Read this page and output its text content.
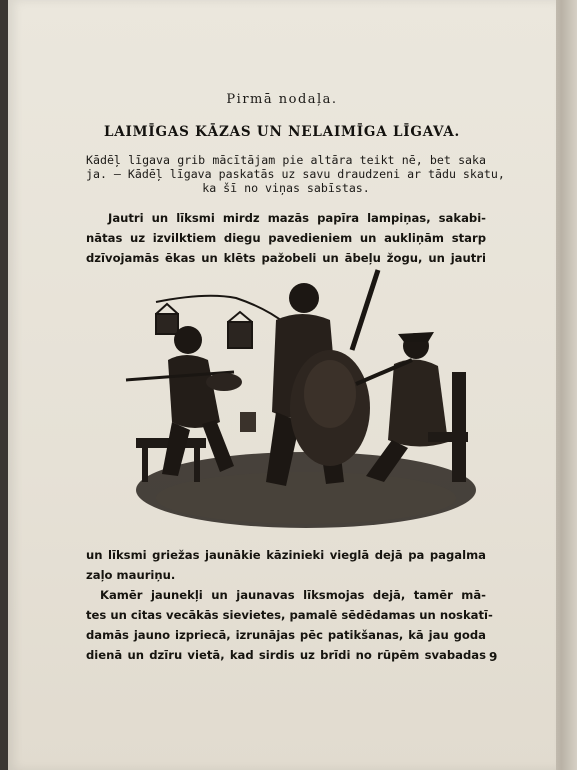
Pirmā nodaļa.
LAIMĪGAS KĀZAS UN NELAIMĪGA LĪGAVA.
Kādēļ līgava grib mācītājam pie altāra teikt nē, bet saka
ja. — Kādēļ līgava paskatās uz savu draudzeni ar tādu skatu,
ka šī no viņas sabīstas.
Jautri un līksmi mirdz mazās papīra lampiņas, sakabi-
nātas uz izvilktiem diegu pavedieniem un aukliņām starp
dzīvojamās ēkas un klēts pažobeli un ābeļu žogu, un jautri
un līksmi griežas jaunākie kāzinieki vieglā dejā pa pagalma
zaļo mauriņu.
Kamēr jaunekļi un jaunavas līksmojas dejā, tamēr mā-
tes un citas vecākās sievietes, pamalē sēdēdamas un noskatī-
damās jauno izpriecā, izrunājas pēc patikšanas, kā jau goda
dienā un dzīru vietā, kad sirdis uz brīdi no rūpēm svabadas 9
